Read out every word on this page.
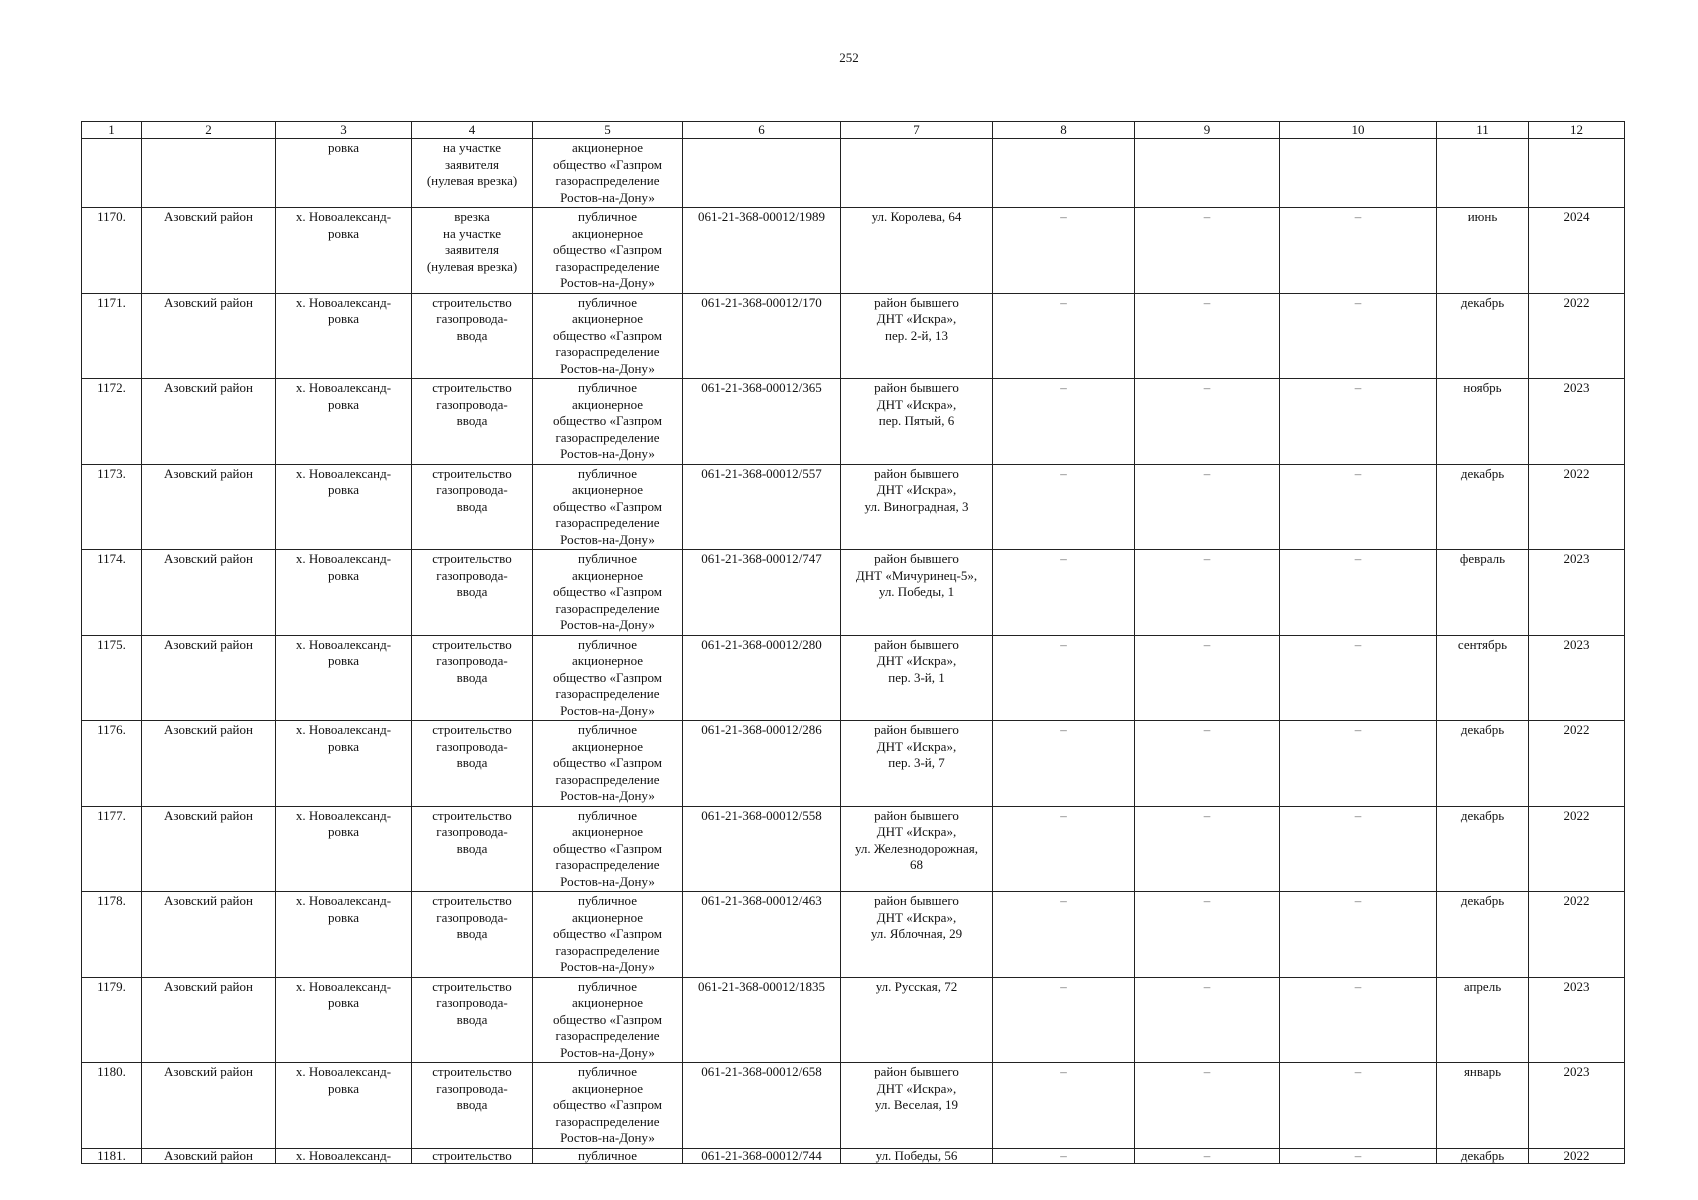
252
1	2	3	4	5	6	7	8	9	10	11	12
		ровка	на участке
заявителя
(нулевая врезка)	акционерное
общество «Газпром
газораспределение
Ростов-на-Дону»							
1170.	Азовский район	х. Новоалександ-
ровка	врезка
на участке
заявителя
(нулевая врезка)	публичное
акционерное
общество «Газпром
газораспределение
Ростов-на-Дону»	061-21-368-00012/1989	ул. Королева, 64	–	–	–	июнь	2024
1171.	Азовский район	х. Новоалександ-
ровка	строительство
газопровода-
ввода	публичное
акционерное
общество «Газпром
газораспределение
Ростов-на-Дону»	061-21-368-00012/170	район бывшего
ДНТ «Искра»,
пер. 2-й, 13	–	–	–	декабрь	2022
1172.	Азовский район	х. Новоалександ-
ровка	строительство
газопровода-
ввода	публичное
акционерное
общество «Газпром
газораспределение
Ростов-на-Дону»	061-21-368-00012/365	район бывшего
ДНТ «Искра»,
пер. Пятый, 6	–	–	–	ноябрь	2023
1173.	Азовский район	х. Новоалександ-
ровка	строительство
газопровода-
ввода	публичное
акционерное
общество «Газпром
газораспределение
Ростов-на-Дону»	061-21-368-00012/557	район бывшего
ДНТ «Искра»,
ул. Виноградная, 3	–	–	–	декабрь	2022
1174.	Азовский район	х. Новоалександ-
ровка	строительство
газопровода-
ввода	публичное
акционерное
общество «Газпром
газораспределение
Ростов-на-Дону»	061-21-368-00012/747	район бывшего
ДНТ «Мичуринец-5»,
ул. Победы, 1	–	–	–	февраль	2023
1175.	Азовский район	х. Новоалександ-
ровка	строительство
газопровода-
ввода	публичное
акционерное
общество «Газпром
газораспределение
Ростов-на-Дону»	061-21-368-00012/280	район бывшего
ДНТ «Искра»,
пер. 3-й, 1	–	–	–	сентябрь	2023
1176.	Азовский район	х. Новоалександ-
ровка	строительство
газопровода-
ввода	публичное
акционерное
общество «Газпром
газораспределение
Ростов-на-Дону»	061-21-368-00012/286	район бывшего
ДНТ «Искра»,
пер. 3-й, 7	–	–	–	декабрь	2022
1177.	Азовский район	х. Новоалександ-
ровка	строительство
газопровода-
ввода	публичное
акционерное
общество «Газпром
газораспределение
Ростов-на-Дону»	061-21-368-00012/558	район бывшего
ДНТ «Искра»,
ул. Железнодорожная,
68	–	–	–	декабрь	2022
1178.	Азовский район	х. Новоалександ-
ровка	строительство
газопровода-
ввода	публичное
акционерное
общество «Газпром
газораспределение
Ростов-на-Дону»	061-21-368-00012/463	район бывшего
ДНТ «Искра»,
ул. Яблочная, 29	–	–	–	декабрь	2022
1179.	Азовский район	х. Новоалександ-
ровка	строительство
газопровода-
ввода	публичное
акционерное
общество «Газпром
газораспределение
Ростов-на-Дону»	061-21-368-00012/1835	ул. Русская, 72	–	–	–	апрель	2023
1180.	Азовский район	х. Новоалександ-
ровка	строительство
газопровода-
ввода	публичное
акционерное
общество «Газпром
газораспределение
Ростов-на-Дону»	061-21-368-00012/658	район бывшего
ДНТ «Искра»,
ул. Веселая, 19	–	–	–	январь	2023
1181.	Азовский район	х. Новоалександ-	строительство	публичное	061-21-368-00012/744	ул. Победы, 56	–	–	–	декабрь	2022
